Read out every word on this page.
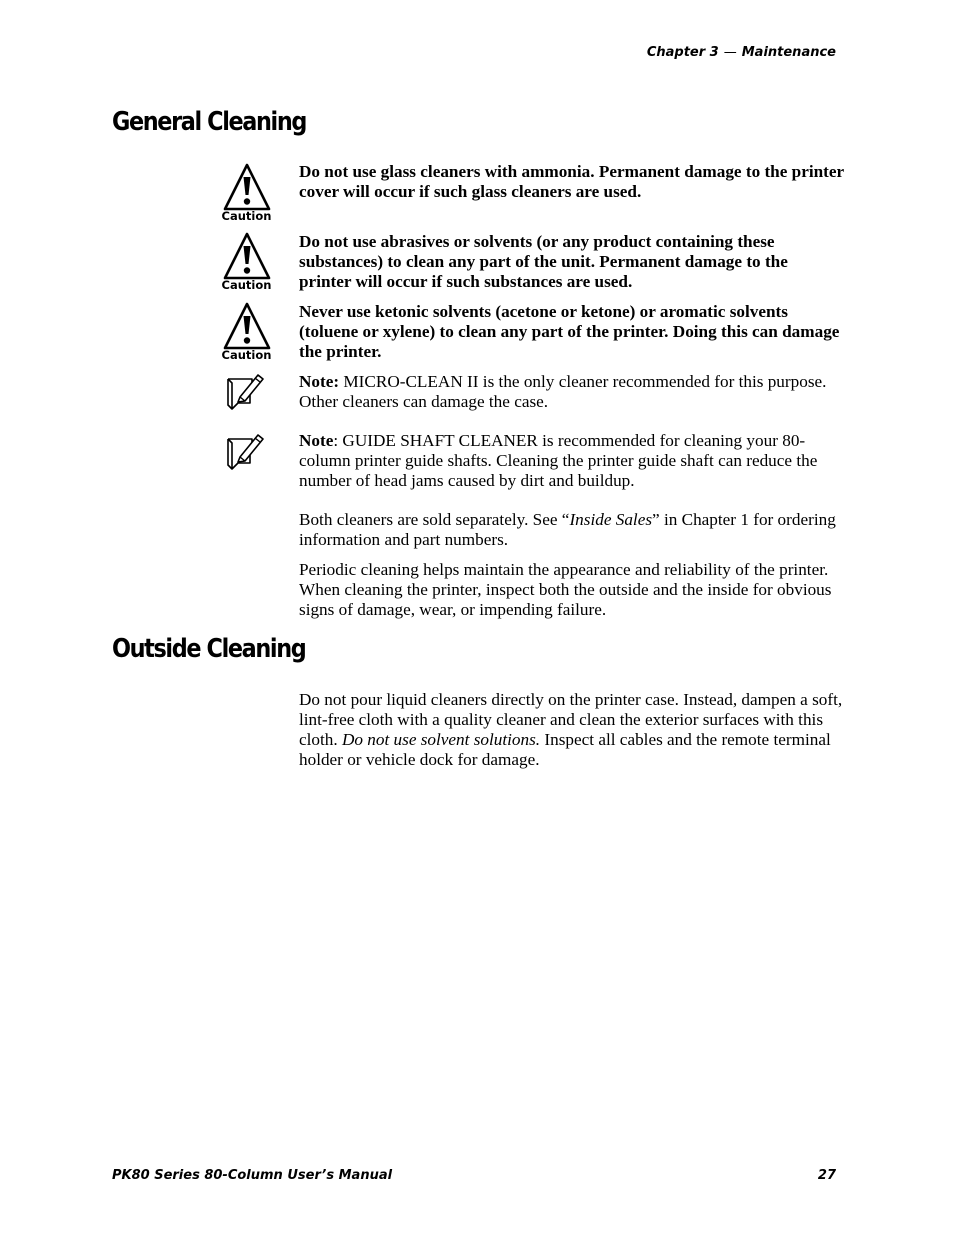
Chapter 3 — Maintenance
General Cleaning
Caution

Do not use glass cleaners with ammonia. Permanent damage to the printer cover will occur if such glass cleaners are used.

Caution

Do not use abrasives or solvents (or any product containing these substances) to clean any part of the unit. Permanent damage to the printer will occur if such substances are used.

Caution

Never use ketonic solvents (acetone or ketone) or aromatic solvents (toluene or xylene) to clean any part of the printer. Doing this can damage the printer.

Note: MICRO-CLEAN II is the only cleaner recommended for this purpose. Other cleaners can damage the case.

Note: GUIDE SHAFT CLEANER is recommended for cleaning your 80-column printer guide shafts. Cleaning the printer guide shaft can reduce the number of head jams caused by dirt and buildup.

Both cleaners are sold separately. See “Inside Sales” in Chapter 1 for ordering information and part numbers.

Periodic cleaning helps maintain the appearance and reliability of the printer. When cleaning the printer, inspect both the outside and the inside for obvious signs of damage, wear, or impending failure.

Outside Cleaning

Do not pour liquid cleaners directly on the printer case. Instead, dampen a soft, lint-free cloth with a quality cleaner and clean the exterior surfaces with this cloth. Do not use solvent solutions. Inspect all cables and the remote terminal holder or vehicle dock for damage.

PK80 Series 80-Column User’s Manual	27
